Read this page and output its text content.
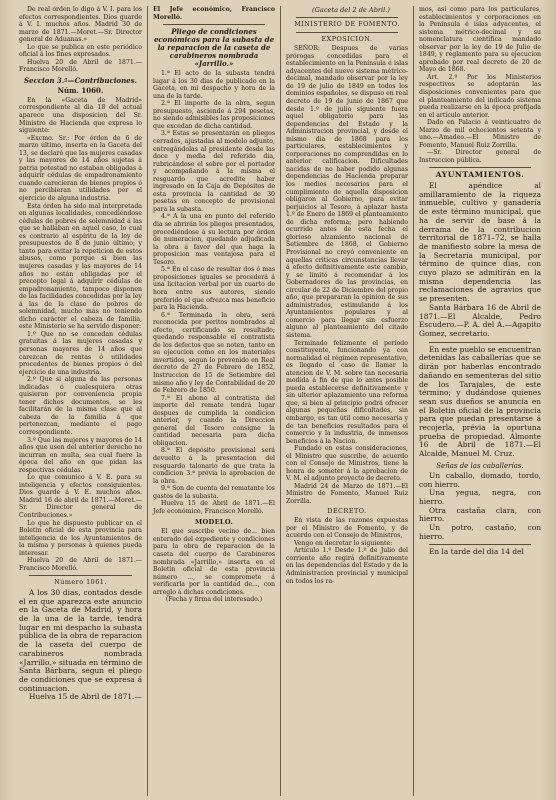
De real órden lo digo á V. I. para los efectos correspondientes. Dios guarde á V. I. muchos años. Madrid 30 de marzo de 1871.—Moret.—Sr. Director general de Aduanas.»

Lo que se publica en este periódico oficial á los fines expresados.

Huelva 20 de Abril de 1871.—Francisco Morelló.

Seccion 3.ª—Contribuciones.
Núm. 1060.

En la «Gaceta de Madrid» correspondiente al dia 18 del actual aparece una disposicion del Sr. Ministro de Hacienda que expresa lo siguiente:

«Excmo. Sr.: Por órden de 6 de marzo último, inserta en la Gaceta del 13, se declaró que las mujeres casadas y las mayores de 14 años sujetas á patria potestad no estaban obligadas á adquirir cédulas de empadronamiento cuando carecieran de bienes propios ó no percibieran utilidades por el ejercicio de alguna industria.

Esta órden ha sido mal interpretada en algunas localidades, concediéndose cédulas de pobres de solemnidad á las que se hallaban en aquel caso, lo cual es contrario al espíritu de la ley de presupuestos de 8 de junio último; y tanto para evitar la repeticion de estos abusos, como porque si bien las mujeres casadas y las mayores de 14 años no están obligadas por el precepto legal á adquirir cédulas de empadronamiento, tampoco disponen de las facilidades concedidas por la ley á las de la clase de pobres de solemnidad, mucho más no teniendo dicho carácter el cabeza de familia, este Ministerio se ha servido disponer:

1.º Que no se concedan cédulas gratuitas á las mujeres casadas y personas mayores de 14 años que carezcan de rentas ó utilidades procedentes de bienes propios ó del ejercicio de una industria.

2.º Que si alguna de las personas indicadas ó cualesquiera otras quisieran por conveniencia propia tener dichos documentos, se les facilitarán de la misma clase que al cabeza de la familia á que pertenezcan, mediante el pago correspondiente.

3.º Que las mujeres y mayores de 14 años que usen del anterior derecho no incurran en multa, sea cual fuere la época del año en que pidan las respectivas cédulas.

Lo que comunico á V. E. para su inteligencia y efectos consiguientes. Dios guarde á V. E. muchos años. Madrid 16 de abril de 1871.—Moret.—Sr. Director general de Contribuciones.»

Lo que he dispuesto publicar en el Boletin oficial de esta provincia para inteligencia de los Ayuntamientos de la misma y personas á quienes pueda interesar.

Huelva 20 de Abril de 1871.—Francisco Morelló.

Número 1061.

A los 30 dias, contados desde el en que aparezca este anuncio en la Gaceta de Madrid, y hora de la una de la tarde, tendrá lugar en mi despacho la subasta pública de la obra de reparacion de la caseta del cuerpo de carabineros nombrada «Jarrillo,» situada en término de Santa Bárbara, segun el pliego de condiciones que se expresa á continuacion.

Huelva 15 de Abril de 1871.—

El Jefe económico, Francisco Morelló.

Pliego de condiciones económicas para la subasta de la reparacion de la caseta de carabineros nombrada «Jarrillo.»

1.ª El acto de la subasta tendrá lugar á los 30 dias de publicado en la Gaceta, en mi despacho y hora de la una de la tarde.

2.ª El importe de la obra, segun presupuesto, asciende á 294 pesetas, no siendo admisibles las proposiciones que excedan de dicha cantidad.

3.ª Estas se presentarán en pliegos cerrados, ajustadas al modelo adjunto, entregándolas al presidente desde las doce y media del referido dia, rubricándose el sobre por el portador y acompañando á la misma el resguardo que acredite haber ingresado en la Caja de Depósitos de esta provincia la cantidad de 30 pesetas en concepto de provisional para la subasta.

4.ª A la una en punto del referido dia se abrirán los pliegos presentados, procediéndose á su lectura por órden de numeracion, quedando adjudicada la obra á favor del que haga la proposicion mas ventajosa para el Tesoro.

5.ª En el caso de resultar dos ó mas proposiciones iguales se procederá á una licitacion verbal por un cuarto de hora entre sus autores, siendo preferido el que ofrezca mas beneficio para la Hacienda.

6.ª Terminada la obra, será reconocida por peritos nombrados al efecto, certificando su resultado; quedando responsable el contratista de los defectos que se noten, tanto en su ejecucion como en los materiales invertidos, segun lo prevenido en Real decreto de 27 de Febrero de 1852, Instruccion de 15 de Setiembre del mismo año y ley de Contabilidad de 20 de Febrero de 1850.

7.ª El abono al contratista del importe del remate tendrá lugar despues de cumplida la condicion anterior, y cuando la Direccion general del Tesoro consigne la cantidad necesaria para dicha obligacion.

8.ª El depósito provisional será devuelto á la presentacion del resguardo talonario de que trata la condicion 3.ª prévia la aprobacion de la obra.

9.ª Son de cuenta del rematante los gastos de la subasta.

Huelva 15 de Abril de 1871.—El Jefe económico, Francisco Morelló.

MODELO.

El que suscribe vecino de... bien enterado del expediente y condiciones para la obra de reparacion de la caseta del cuerpo de Carabineros nombrada «Jarrillo,» inserta en el Boletín oficial de esta provincia número ..., se compromete á verificarla por la cantidad de..., con arreglo á dichas condiciones.

(Fecha y firma del interesado.)

(Gaceta del 2 de Abril.)

MINISTERIO DE FOMENTO.
EXPOSICION.

SEÑOR: Despues de varias prórogas concedidas para el establecimiento en la Península é islas adyacentes del nuevo sistema métrico-decimal, mandado observar por la ley de 19 de julio de 1849 en todos los dominios españoles, se dispuso en real decreto de 19 de junio de 1867 que desde 1.º de julio siguiente fuera aquel obligatorio para las dependencias del Estado y la Administracion provincial, y desde el mismo dia de 1868 para los particulares, establecimientos y corporaciones no comprendidas en lo anterior calificacion. Dificultades nacidas de no haber podido algunas dependencias de Hacienda preparar los medios necesarios para el cumplimiento de aquella disposicion obligaron al Gobierno, para evitar perjuicios al Tesoro, á aplazar hasta 1.º de Enero de 1869 el planteamiento de dicha reforma; pero habiendo ocurrido antes de esta fecha el glorioso alzamiento nacional de Setiembre de 1868, el Gobierno Provisional no creyó conveniente en aquellas críticas circunstancias llevar á efecto definitivamente este cambio, y se limitó á recomendar á los Gobernadores de las provincias, en circular de 22 de Diciembre del propio año, que prepararan la opinion de sus administrados, estimulando á los Ayuntamientos populares y al comercio para llegar sin esfuerzo alguno al planteamiento del citado sistema.

Terminado felizmente el período constituyente, funcionando ya con normalidad el régimen representativo, es llegado el caso de llamar la atencion de V. M. sobre tan necesaria medida á fin de que lo antes posible pueda establecerse definitivamente y sin ulterior aplazamiento una reforma que, si bien al principio podrá ofrecer algunas pequeñas dificultades, sin embargo, es tan útil como necesaria y de tan beneficios resultados para el comercio y la industria, de inmensos beneficios á la Nacion.

Fundado en estas consideraciones, el Ministro que suscribe, de acuerdo con el Consejo de Ministros, tiene la honra de someter á la aprobacion de V. M. el adjunto proyecto de decreto.

Madrid 24 de Marzo de 1871.—El Ministro de Fomento, Manuel Ruiz Zorrilla.

DECRETO.

En vista de las razones expuestas por el Ministro de Fomento, y de acuerdo con el Consejo de Ministros,

Vengo en decretar lo siguiente:

Artículo 1.º Desde 1.º de Julio del corriente año regirá definitivamente en las dependencias del Estado y de la Administracion provincial y municipal en todos los ra-

mos, así como para los particulares, establecimientos y corporaciones en la Península é islas adyacentes, el sistema métrico-decimal y su nomenclatura científica mandado observar por la ley de 19 de Julio de 1849, y reglamento para su ejecucion aprobado por real decreto de 20 de Mayo de 1868.

Art. 2.º Por los Ministerios respectivos se adoptarán las disposiciones convenientes para que el planteamiento del indicado sistema pueda realizarse en la época prefijada en el artículo anterior.

Dado en Palacio á veinticuatro de Marzo de mil ochocientos setenta y uno.—Amadeo.—El Ministro de Fomento, Manuel Ruiz Zorrilla.

—Sr. Director general de Instruccion pública.

AYUNTAMIENTOS.

El apéndice al amillaramiento de la riqueza inmueble, cultivo y ganadería de este término municipal, que ha de servir de base á la derrama de la contribucion territorial de 1871–72, se halla de manifiesto sobre la mesa de la Secretaría municipal, por término de quince dias, con cuyo plazo se admitirán en la misma dependencia las reclamaciones de agravios que se presenten.

Santa Bárbara 16 de Abril de 1871.—El Alcalde, Pedro Escudero.—P. A. del A.—Agapito Gomez, secretario.

En este pueblo se encuentran detenidas las caballerías que se dirán por haberlas encontrado dañando en sementeras del sitio de los Tarajales, de este término; y dudándose quienes sean sus dueños se anuncia en el Boletin oficial de la provincia para que puedan presentarse á recojerla, prévia la oportuna prueba de propiedad. Almonte 16 de Abril de 1871.—El Alcalde, Manuel M. Cruz.

Señas de las caballerías.

Un caballo, domado, tordo, con hierro.

Una yegua, negra, con hierro.

Otra castaña clara, con hierro.

Un potro, castaño, con hierro.

En la tarde del dia 14 del
